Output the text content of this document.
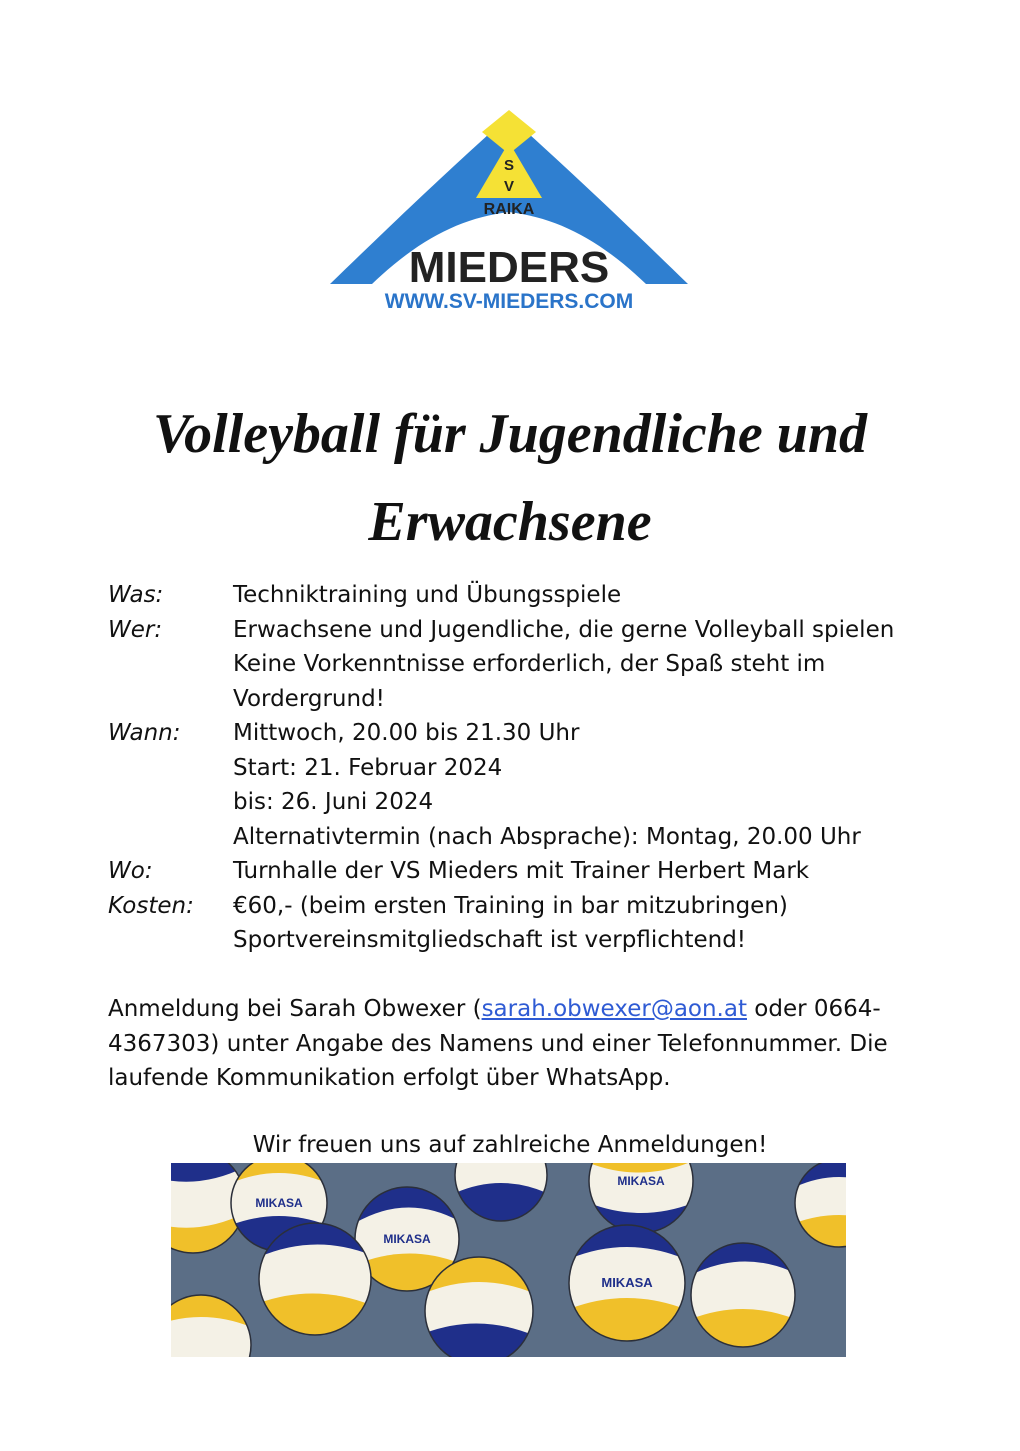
S
V
RAIKA
MIEDERS
WWW.SV-MIEDERS.COM
Volleyball für Jugendliche und
Erwachsene
Was:	Techniktraining und Übungsspiele
Wer:	Erwachsene und Jugendliche, die gerne Volleyball spielen
Keine Vorkenntnisse erforderlich, der Spaß steht im
Vordergrund!
Wann:	Mittwoch, 20.00 bis 21.30 Uhr
Start: 21. Februar 2024
bis: 26. Juni 2024
Alternativtermin (nach Absprache): Montag, 20.00 Uhr
Wo:	Turnhalle der VS Mieders mit Trainer Herbert Mark
Kosten:	€60,- (beim ersten Training in bar mitzubringen)
Sportvereinsmitgliedschaft ist verpflichtend!

Anmeldung bei Sarah Obwexer (sarah.obwexer@aon.at oder 0664-4367303) unter Angabe des Namens und einer Telefonnummer. Die laufende Kommunikation erfolgt über WhatsApp.

Wir freuen uns auf zahlreiche Anmeldungen!
MIKASA
MIKASA
MIKASA
MIKASA
MIKASA
